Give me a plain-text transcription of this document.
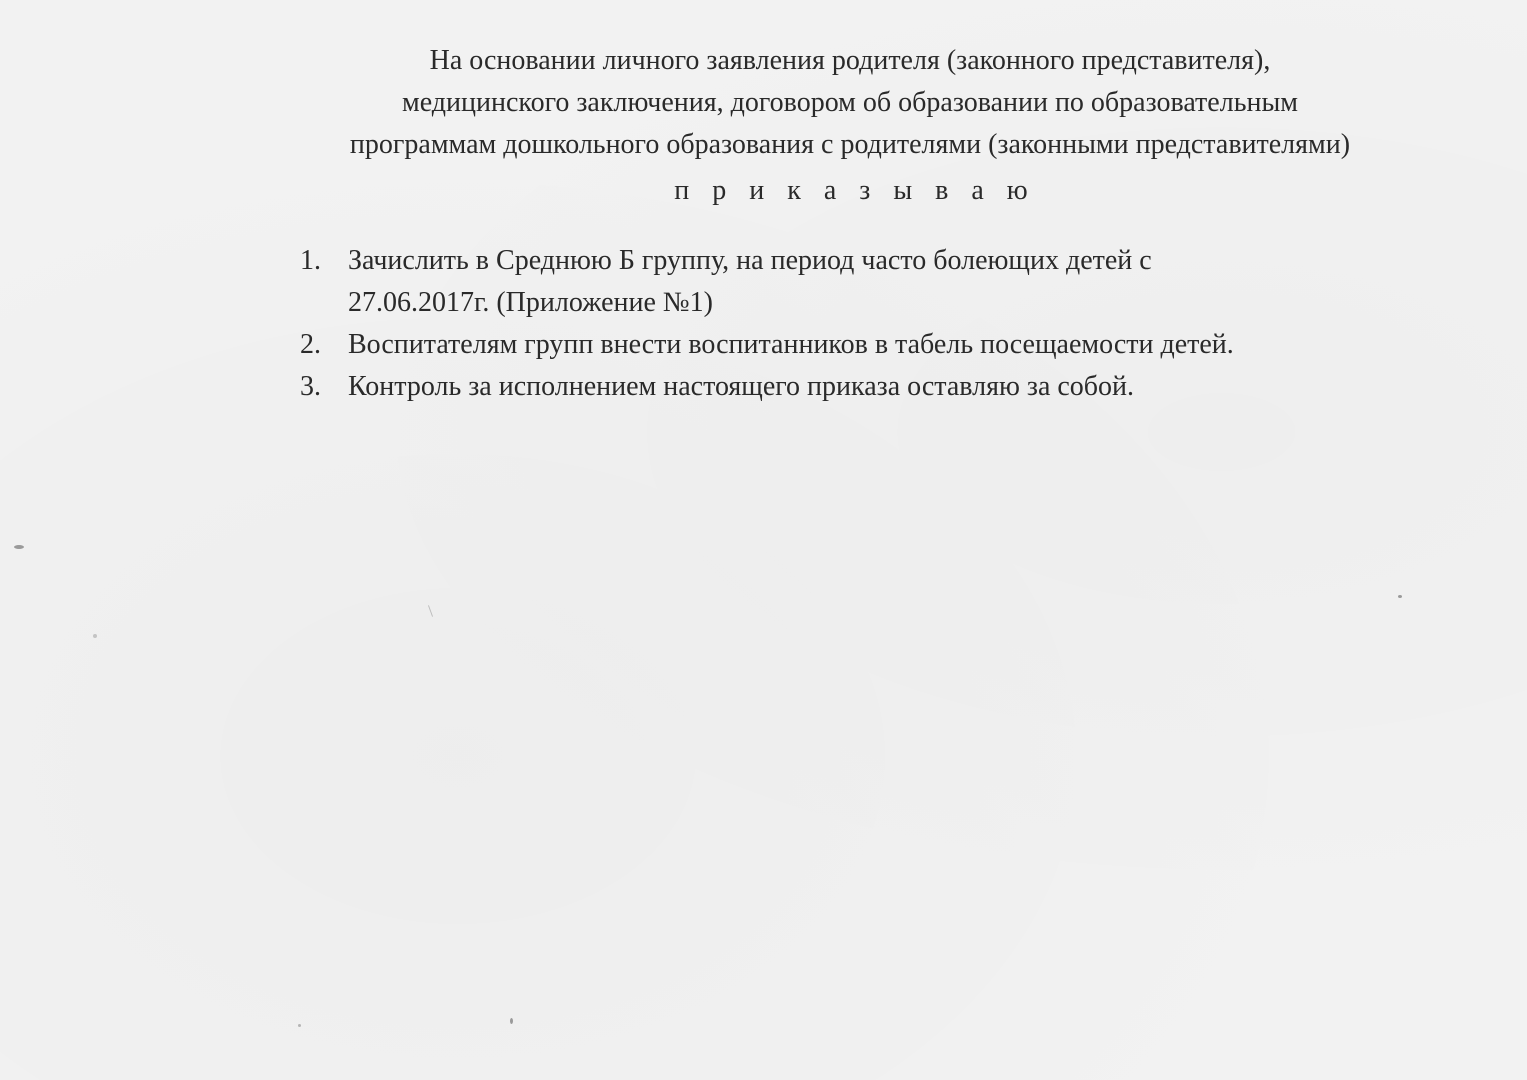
На основании личного заявления родителя (законного представителя),
медицинского заключения, договором об образовании по образовательным
программам дошкольного образования с родителями (законными представителями)
п р и к а з ы в а ю
1. Зачислить в Среднюю Б группу, на период часто болеющих детей с
27.06.2017г. (Приложение №1)
2. Воспитателям групп внести воспитанников в табель посещаемости детей.
3. Контроль за исполнением настоящего приказа оставляю за собой.
